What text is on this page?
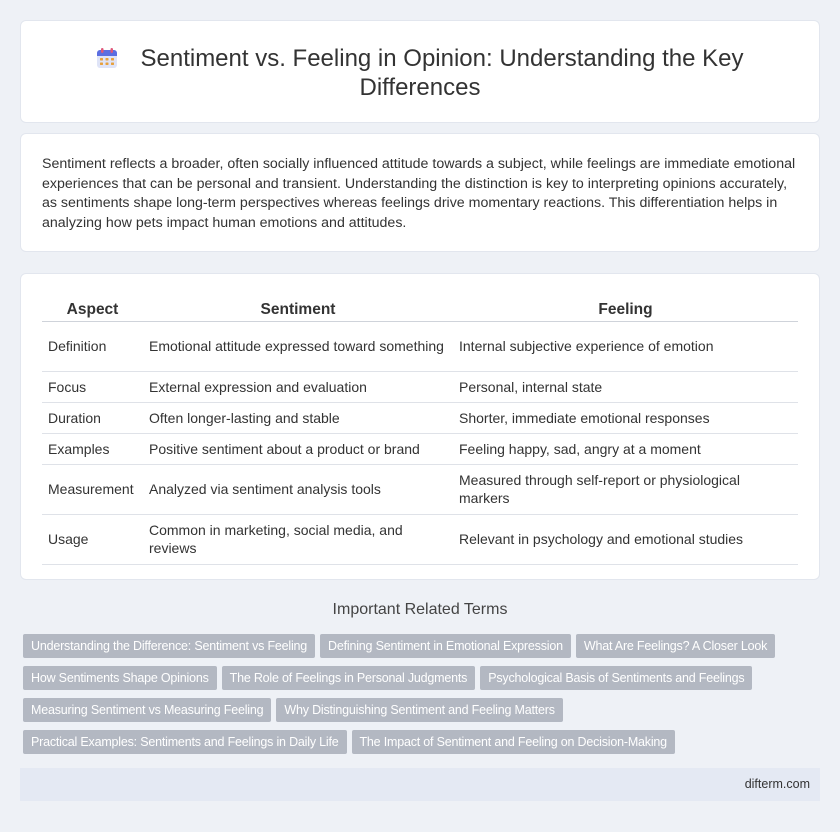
Sentiment vs. Feeling in Opinion: Understanding the Key Differences

Sentiment reflects a broader, often socially influenced attitude towards a subject, while feelings are immediate emotional experiences that can be personal and transient. Understanding the distinction is key to interpreting opinions accurately, as sentiments shape long-term perspectives whereas feelings drive momentary reactions. This differentiation helps in analyzing how pets impact human emotions and attitudes.

Aspect	Sentiment	Feeling
Definition	Emotional attitude expressed toward something	Internal subjective experience of emotion
Focus	External expression and evaluation	Personal, internal state
Duration	Often longer-lasting and stable	Shorter, immediate emotional responses
Examples	Positive sentiment about a product or brand	Feeling happy, sad, angry at a moment
Measurement	Analyzed via sentiment analysis tools	Measured through self-report or physiological markers
Usage	Common in marketing, social media, and reviews	Relevant in psychology and emotional studies
Important Related Terms
Understanding the Difference: Sentiment vs Feeling Defining Sentiment in Emotional Expression What Are Feelings? A Closer Look
How Sentiments Shape Opinions The Role of Feelings in Personal Judgments Psychological Basis of Sentiments and Feelings
Measuring Sentiment vs Measuring Feeling Why Distinguishing Sentiment and Feeling Matters
Practical Examples: Sentiments and Feelings in Daily Life The Impact of Sentiment and Feeling on Decision-Making
difterm.com
